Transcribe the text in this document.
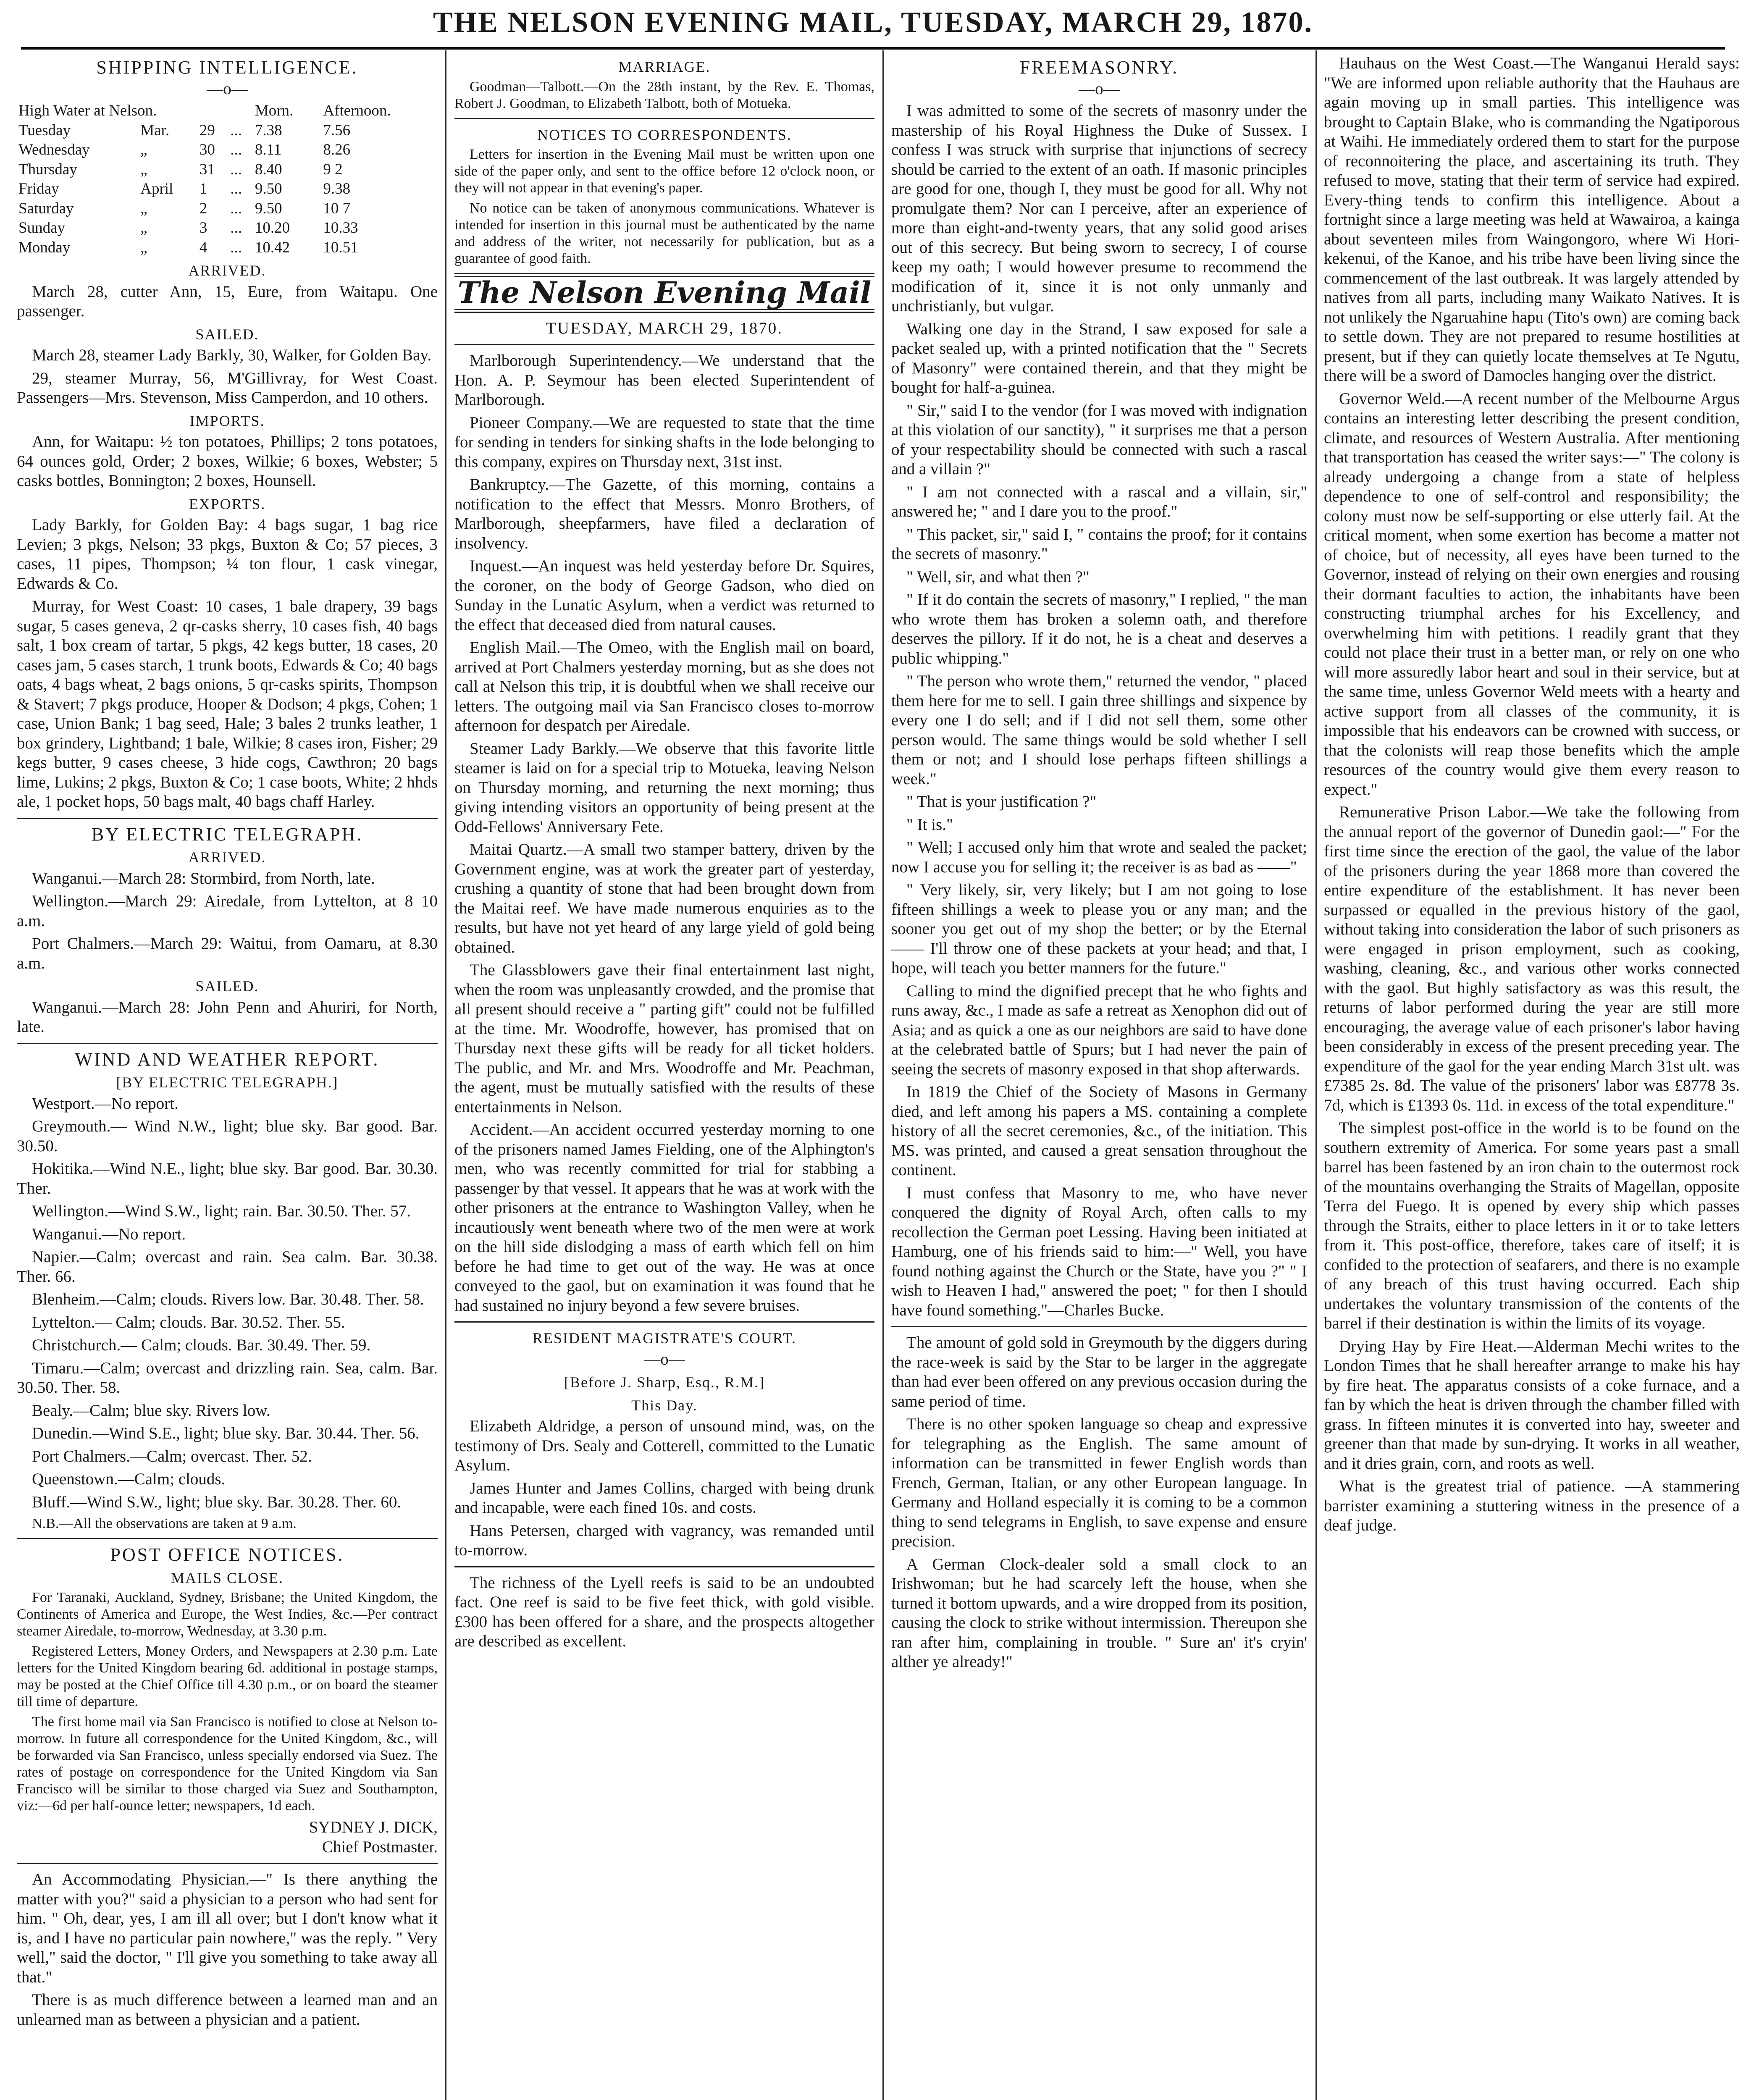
THE NELSON EVENING MAIL, TUESDAY, MARCH 29, 1870.
SHIPPING INTELLIGENCE.
—o—
High Water at Nelson.				Morn.	Afternoon.
Tuesday	Mar.	29	...	7.38	7.56
Wednesday	„	30	...	8.11	8.26
Thursday	„	31	...	8.40	9 2
Friday	April	1	...	9.50	9.38
Saturday	„	2	...	9.50	10 7
Sunday	„	3	...	10.20	10.33
Monday	„	4	...	10.42	10.51
ARRIVED.

March 28, cutter Ann, 15, Eure, from Waitapu. One passenger.

SAILED.

March 28, steamer Lady Barkly, 30, Walker, for Golden Bay.

29, steamer Murray, 56, M'Gillivray, for West Coast. Passengers—Mrs. Stevenson, Miss Camperdon, and 10 others.

IMPORTS.

Ann, for Waitapu: ½ ton potatoes, Phillips; 2 tons potatoes, 64 ounces gold, Order; 2 boxes, Wilkie; 6 boxes, Webster; 5 casks bottles, Bonnington; 2 boxes, Hounsell.

EXPORTS.

Lady Barkly, for Golden Bay: 4 bags sugar, 1 bag rice Levien; 3 pkgs, Nelson; 33 pkgs, Buxton & Co; 57 pieces, 3 cases, 11 pipes, Thompson; ¼ ton flour, 1 cask vinegar, Edwards & Co.

Murray, for West Coast: 10 cases, 1 bale drapery, 39 bags sugar, 5 cases geneva, 2 qr-casks sherry, 10 cases fish, 40 bags salt, 1 box cream of tartar, 5 pkgs, 42 kegs butter, 18 cases, 20 cases jam, 5 cases starch, 1 trunk boots, Edwards & Co; 40 bags oats, 4 bags wheat, 2 bags onions, 5 qr-casks spirits, Thompson & Stavert; 7 pkgs produce, Hooper & Dodson; 4 pkgs, Cohen; 1 case, Union Bank; 1 bag seed, Hale; 3 bales 2 trunks leather, 1 box grindery, Lightband; 1 bale, Wilkie; 8 cases iron, Fisher; 29 kegs butter, 9 cases cheese, 3 hide cogs, Cawthron; 20 bags lime, Lukins; 2 pkgs, Buxton & Co; 1 case boots, White; 2 hhds ale, 1 pocket hops, 50 bags malt, 40 bags chaff Harley.

BY ELECTRIC TELEGRAPH.
ARRIVED.

Wanganui.—March 28: Stormbird, from North, late.

Wellington.—March 29: Airedale, from Lyttelton, at 8 10 a.m.

Port Chalmers.—March 29: Waitui, from Oamaru, at 8.30 a.m.

SAILED.

Wanganui.—March 28: John Penn and Ahuriri, for North, late.

WIND AND WEATHER REPORT.
[BY ELECTRIC TELEGRAPH.]

Westport.—No report.

Greymouth.— Wind N.W., light; blue sky. Bar good. Bar. 30.50.

Hokitika.—Wind N.E., light; blue sky. Bar good. Bar. 30.30. Ther.

Wellington.—Wind S.W., light; rain. Bar. 30.50. Ther. 57.

Wanganui.—No report.

Napier.—Calm; overcast and rain. Sea calm. Bar. 30.38. Ther. 66.

Blenheim.—Calm; clouds. Rivers low. Bar. 30.48. Ther. 58.

Lyttelton.— Calm; clouds. Bar. 30.52. Ther. 55.

Christchurch.— Calm; clouds. Bar. 30.49. Ther. 59.

Timaru.—Calm; overcast and drizzling rain. Sea, calm. Bar. 30.50. Ther. 58.

Bealy.—Calm; blue sky. Rivers low.

Dunedin.—Wind S.E., light; blue sky. Bar. 30.44. Ther. 56.

Port Chalmers.—Calm; overcast. Ther. 52.

Queenstown.—Calm; clouds.

Bluff.—Wind S.W., light; blue sky. Bar. 30.28. Ther. 60.

N.B.—All the observations are taken at 9 a.m.

POST OFFICE NOTICES.
MAILS CLOSE.

For Taranaki, Auckland, Sydney, Brisbane; the United Kingdom, the Continents of America and Europe, the West Indies, &c.—Per contract steamer Airedale, to-morrow, Wednesday, at 3.30 p.m.

Registered Letters, Money Orders, and Newspapers at 2.30 p.m. Late letters for the United Kingdom bearing 6d. additional in postage stamps, may be posted at the Chief Office till 4.30 p.m., or on board the steamer till time of departure.

The first home mail via San Francisco is notified to close at Nelson to-morrow. In future all correspondence for the United Kingdom, &c., will be forwarded via San Francisco, unless specially endorsed via Suez. The rates of postage on correspondence for the United Kingdom via San Francisco will be similar to those charged via Suez and Southampton, viz:—6d per half-ounce letter; newspapers, 1d each.

SYDNEY J. DICK,
Chief Postmaster.

An Accommodating Physician.—" Is there anything the matter with you?" said a physician to a person who had sent for him. " Oh, dear, yes, I am ill all over; but I don't know what it is, and I have no particular pain nowhere," was the reply. " Very well," said the doctor, " I'll give you something to take away all that."

There is as much difference between a learned man and an unlearned man as between a physician and a patient.

MARRIAGE.

Goodman—Talbott.—On the 28th instant, by the Rev. E. Thomas, Robert J. Goodman, to Elizabeth Talbott, both of Motueka.

NOTICES TO CORRESPONDENTS.

Letters for insertion in the Evening Mail must be written upon one side of the paper only, and sent to the office before 12 o'clock noon, or they will not appear in that evening's paper.

No notice can be taken of anonymous communications. Whatever is intended for insertion in this journal must be authenticated by the name and address of the writer, not necessarily for publication, but as a guarantee of good faith.

The Nelson Evening Mail
TUESDAY, MARCH 29, 1870.

Marlborough Superintendency.—We understand that the Hon. A. P. Seymour has been elected Superintendent of Marlborough.

Pioneer Company.—We are requested to state that the time for sending in tenders for sinking shafts in the lode belonging to this company, expires on Thursday next, 31st inst.

Bankruptcy.—The Gazette, of this morning, contains a notification to the effect that Messrs. Monro Brothers, of Marlborough, sheepfarmers, have filed a declaration of insolvency.

Inquest.—An inquest was held yesterday before Dr. Squires, the coroner, on the body of George Gadson, who died on Sunday in the Lunatic Asylum, when a verdict was returned to the effect that deceased died from natural causes.

English Mail.—The Omeo, with the English mail on board, arrived at Port Chalmers yesterday morning, but as she does not call at Nelson this trip, it is doubtful when we shall receive our letters. The outgoing mail via San Francisco closes to-morrow afternoon for despatch per Airedale.

Steamer Lady Barkly.—We observe that this favorite little steamer is laid on for a special trip to Motueka, leaving Nelson on Thursday morning, and returning the next morning; thus giving intending visitors an opportunity of being present at the Odd-Fellows' Anniversary Fete.

Maitai Quartz.—A small two stamper battery, driven by the Government engine, was at work the greater part of yesterday, crushing a quantity of stone that had been brought down from the Maitai reef. We have made numerous enquiries as to the results, but have not yet heard of any large yield of gold being obtained.

The Glassblowers gave their final entertainment last night, when the room was unpleasantly crowded, and the promise that all present should receive a " parting gift" could not be fulfilled at the time. Mr. Woodroffe, however, has promised that on Thursday next these gifts will be ready for all ticket holders. The public, and Mr. and Mrs. Woodroffe and Mr. Peachman, the agent, must be mutually satisfied with the results of these entertainments in Nelson.

Accident.—An accident occurred yesterday morning to one of the prisoners named James Fielding, one of the Alphington's men, who was recently committed for trial for stabbing a passenger by that vessel. It appears that he was at work with the other prisoners at the entrance to Washington Valley, when he incautiously went beneath where two of the men were at work on the hill side dislodging a mass of earth which fell on him before he had time to get out of the way. He was at once conveyed to the gaol, but on examination it was found that he had sustained no injury beyond a few severe bruises.

RESIDENT MAGISTRATE'S COURT.
—o—
[Before J. Sharp, Esq., R.M.]
This Day.

Elizabeth Aldridge, a person of unsound mind, was, on the testimony of Drs. Sealy and Cotterell, committed to the Lunatic Asylum.

James Hunter and James Collins, charged with being drunk and incapable, were each fined 10s. and costs.

Hans Petersen, charged with vagrancy, was remanded until to-morrow.

The richness of the Lyell reefs is said to be an undoubted fact. One reef is said to be five feet thick, with gold visible. £300 has been offered for a share, and the prospects altogether are described as excellent.

FREEMASONRY.
—o—

I was admitted to some of the secrets of masonry under the mastership of his Royal Highness the Duke of Sussex. I confess I was struck with surprise that injunctions of secrecy should be carried to the extent of an oath. If masonic principles are good for one, though I, they must be good for all. Why not promulgate them? Nor can I perceive, after an experience of more than eight-and-twenty years, that any solid good arises out of this secrecy. But being sworn to secrecy, I of course keep my oath; I would however presume to recommend the modification of it, since it is not only unmanly and unchristianly, but vulgar.

Walking one day in the Strand, I saw exposed for sale a packet sealed up, with a printed notification that the " Secrets of Masonry" were contained therein, and that they might be bought for half-a-guinea.

" Sir," said I to the vendor (for I was moved with indignation at this violation of our sanctity), " it surprises me that a person of your respectability should be connected with such a rascal and a villain ?"

" I am not connected with a rascal and a villain, sir," answered he; " and I dare you to the proof."

" This packet, sir," said I, " contains the proof; for it contains the secrets of masonry."

" Well, sir, and what then ?"

" If it do contain the secrets of masonry," I replied, " the man who wrote them has broken a solemn oath, and therefore deserves the pillory. If it do not, he is a cheat and deserves a public whipping."

" The person who wrote them," returned the vendor, " placed them here for me to sell. I gain three shillings and sixpence by every one I do sell; and if I did not sell them, some other person would. The same things would be sold whether I sell them or not; and I should lose perhaps fifteen shillings a week."

" That is your justification ?"

" It is."

" Well; I accused only him that wrote and sealed the packet; now I accuse you for selling it; the receiver is as bad as ——"

" Very likely, sir, very likely; but I am not going to lose fifteen shillings a week to please you or any man; and the sooner you get out of my shop the better; or by the Eternal —— I'll throw one of these packets at your head; and that, I hope, will teach you better manners for the future."

Calling to mind the dignified precept that he who fights and runs away, &c., I made as safe a retreat as Xenophon did out of Asia; and as quick a one as our neighbors are said to have done at the celebrated battle of Spurs; but I had never the pain of seeing the secrets of masonry exposed in that shop afterwards.

In 1819 the Chief of the Society of Masons in Germany died, and left among his papers a MS. containing a complete history of all the secret ceremonies, &c., of the initiation. This MS. was printed, and caused a great sensation throughout the continent.

I must confess that Masonry to me, who have never conquered the dignity of Royal Arch, often calls to my recollection the German poet Lessing. Having been initiated at Hamburg, one of his friends said to him:—" Well, you have found nothing against the Church or the State, have you ?" " I wish to Heaven I had," answered the poet; " for then I should have found something."—Charles Bucke.

The amount of gold sold in Greymouth by the diggers during the race-week is said by the Star to be larger in the aggregate than had ever been offered on any previous occasion during the same period of time.

There is no other spoken language so cheap and expressive for telegraphing as the English. The same amount of information can be transmitted in fewer English words than French, German, Italian, or any other European language. In Germany and Holland especially it is coming to be a common thing to send telegrams in English, to save expense and ensure precision.

A German Clock-dealer sold a small clock to an Irishwoman; but he had scarcely left the house, when she turned it bottom upwards, and a wire dropped from its position, causing the clock to strike without intermission. Thereupon she ran after him, complaining in trouble. " Sure an' it's cryin' alther ye already!"

Hauhaus on the West Coast.—The Wanganui Herald says: "We are informed upon reliable authority that the Hauhaus are again moving up in small parties. This intelligence was brought to Captain Blake, who is commanding the Ngatiporous at Waihi. He immediately ordered them to start for the purpose of reconnoitering the place, and ascertaining its truth. They refused to move, stating that their term of service had expired. Every-thing tends to confirm this intelligence. About a fortnight since a large meeting was held at Wawairoa, a kainga about seventeen miles from Waingongoro, where Wi Hori-kekenui, of the Kanoe, and his tribe have been living since the commencement of the last outbreak. It was largely attended by natives from all parts, including many Waikato Natives. It is not unlikely the Ngaruahine hapu (Tito's own) are coming back to settle down. They are not prepared to resume hostilities at present, but if they can quietly locate themselves at Te Ngutu, there will be a sword of Damocles hanging over the district.

Governor Weld.—A recent number of the Melbourne Argus contains an interesting letter describing the present condition, climate, and resources of Western Australia. After mentioning that transportation has ceased the writer says:—" The colony is already undergoing a change from a state of helpless dependence to one of self-control and responsibility; the colony must now be self-supporting or else utterly fail. At the critical moment, when some exertion has become a matter not of choice, but of necessity, all eyes have been turned to the Governor, instead of relying on their own energies and rousing their dormant faculties to action, the inhabitants have been constructing triumphal arches for his Excellency, and overwhelming him with petitions. I readily grant that they could not place their trust in a better man, or rely on one who will more assuredly labor heart and soul in their service, but at the same time, unless Governor Weld meets with a hearty and active support from all classes of the community, it is impossible that his endeavors can be crowned with success, or that the colonists will reap those benefits which the ample resources of the country would give them every reason to expect."

Remunerative Prison Labor.—We take the following from the annual report of the governor of Dunedin gaol:—" For the first time since the erection of the gaol, the value of the labor of the prisoners during the year 1868 more than covered the entire expenditure of the establishment. It has never been surpassed or equalled in the previous history of the gaol, without taking into consideration the labor of such prisoners as were engaged in prison employment, such as cooking, washing, cleaning, &c., and various other works connected with the gaol. But highly satisfactory as was this result, the returns of labor performed during the year are still more encouraging, the average value of each prisoner's labor having been considerably in excess of the present preceding year. The expenditure of the gaol for the year ending March 31st ult. was £7385 2s. 8d. The value of the prisoners' labor was £8778 3s. 7d, which is £1393 0s. 11d. in excess of the total expenditure."

The simplest post-office in the world is to be found on the southern extremity of America. For some years past a small barrel has been fastened by an iron chain to the outermost rock of the mountains overhanging the Straits of Magellan, opposite Terra del Fuego. It is opened by every ship which passes through the Straits, either to place letters in it or to take letters from it. This post-office, therefore, takes care of itself; it is confided to the protection of seafarers, and there is no example of any breach of this trust having occurred. Each ship undertakes the voluntary transmission of the contents of the barrel if their destination is within the limits of its voyage.

Drying Hay by Fire Heat.—Alderman Mechi writes to the London Times that he shall hereafter arrange to make his hay by fire heat. The apparatus consists of a coke furnace, and a fan by which the heat is driven through the chamber filled with grass. In fifteen minutes it is converted into hay, sweeter and greener than that made by sun-drying. It works in all weather, and it dries grain, corn, and roots as well.

What is the greatest trial of patience. —A stammering barrister examining a stuttering witness in the presence of a deaf judge.
